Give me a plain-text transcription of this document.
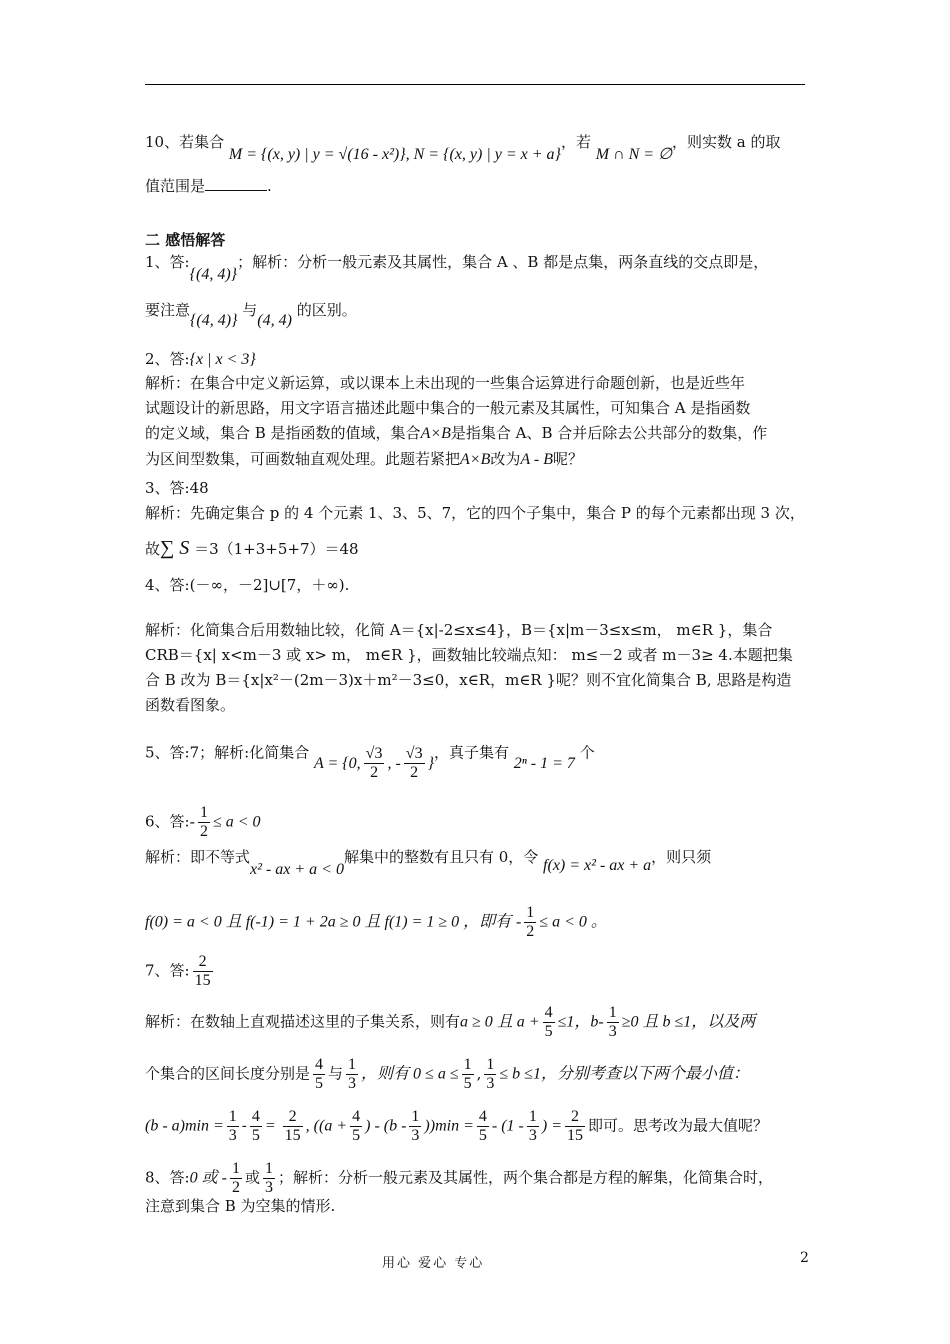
10、若集合 M = {(x, y) | y = √(16 - x²)}, N = {(x, y) | y = x + a}，若 M ∩ N = ∅，则实数 a 的取
值范围是	.
二 感悟解答
1、答:{(4, 4)}；解析：分析一般元素及其属性，集合 A 、B 都是点集，两条直线的交点即是，
要注意{(4, 4)} 与(4, 4) 的区别。
2、答:{x | x < 3}
解析：在集合中定义新运算，或以课本上未出现的一些集合运算进行命题创新，也是近些年
试题设计的新思路，用文字语言描述此题中集合的一般元素及其属性，可知集合 A 是指函数
的定义域，集合 B 是指函数的值域，集合A×B是指集合 A、B 合并后除去公共部分的数集，作
为区间型数集，可画数轴直观处理。此题若紧把A×B改为A - B呢？
3、答:48
解析：先确定集合 p 的 4 个元素 1、3、5、7，它的四个子集中，集合 P 的每个元素都出现 3 次，
故∑ S ＝3（1+3+5+7）＝48
4、答:(－∞，－2]∪[7，＋∞).
解析：化简集合后用数轴比较，化简 A＝{x|-2≤x≤4}，B＝{x|m－3≤x≤m， m∈R }，集合
CRB＝{x| x<m－3 或 x> m， m∈R }，画数轴比较端点知： m≤－2 或者 m－3≥ 4.本题把集
合 B 改为 B＝{x|x²－(2m－3)x＋m²－3≤0，x∈R，m∈R }呢？则不宜化简集合 B, 思路是构造
函数看图象。
5、答:7；解析:化简集合 A = {0, $\frac{√3}{2}$ , - $\frac{√3}{2}$ }，真子集有 2ⁿ - 1 = 7 个
6、答:- $\frac{1}{2} \le a < 0$
解析：即不等式x² - ax + a < 0解集中的整数有且只有 0，令 f(x) = x² - ax + a，则只须
f(0) = a < 0 且 f(-1) = 1 + 2a ≥ 0 且 f(1) = 1 ≥ 0 ，即有 - $\frac{1}{2} \le a < 0$ 。
7、答: $\frac{2}{15}$
解析：在数轴上直观描述这里的子集关系，则有a ≥ 0 且 $a + \frac{4}{5} \le 1$，$b- \frac{1}{3} \ge 0$ 且 b ≤1，以及两
个集合的区间长度分别是 $\frac{4}{5}$ 与 $\frac{1}{3}$ ，则有 $0 \le a \le \frac{1}{5}$ , $\frac{1}{3} \le b \le 1$，分别考查以下两个最小值：
$(b - a)\min = \frac{1}{3} - \frac{4}{5} = \frac{2}{15}$ , (($a + \frac{4}{5}$ ) - $(b - \frac{1}{3} ))\min = \frac{4}{5} - (1 - \frac{1}{3}$ ) = $\frac{2}{15}$ 即可。思考改为最大值呢？
8、答:0 或 - $\frac{1}{2}$ 或 $\frac{1}{3}$ ；解析：分析一般元素及其属性，两个集合都是方程的解集，化简集合时，
注意到集合 B 为空集的情形.
用心 爱心 专心	2
